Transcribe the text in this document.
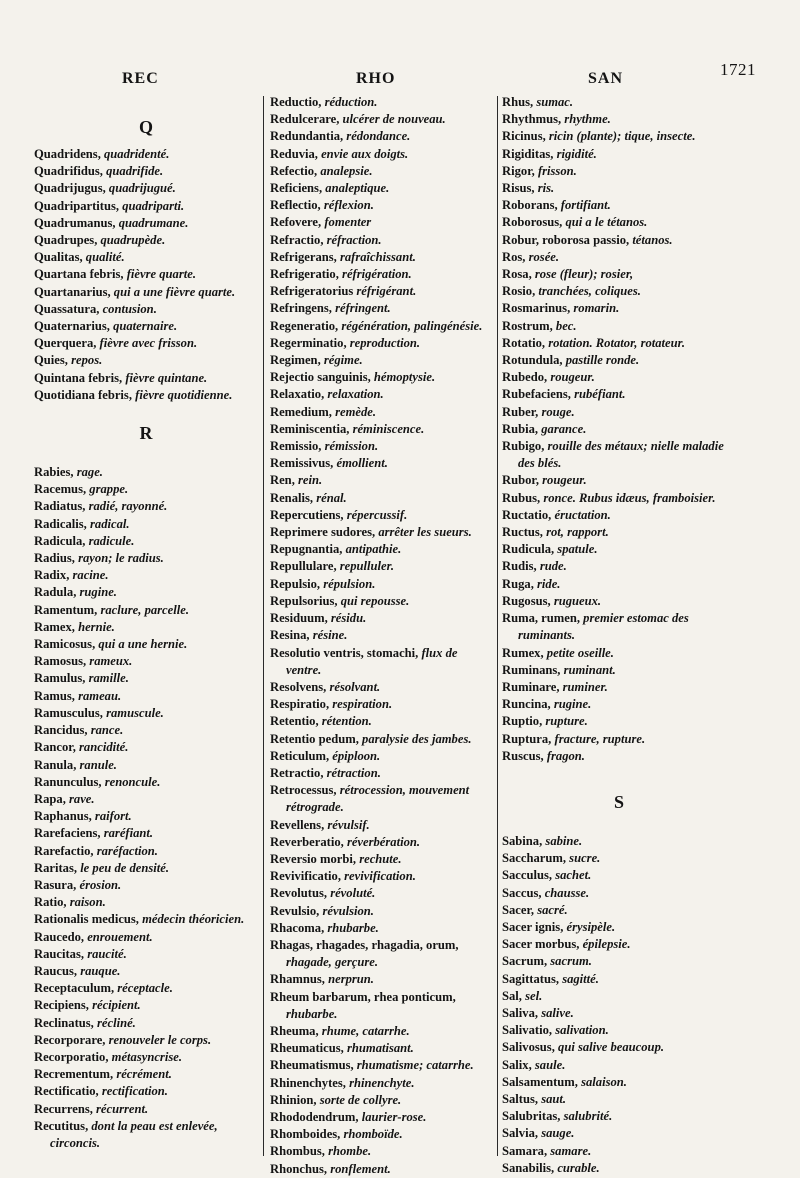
1721
REC	RHO	SAN
Q
Quadridens, quadridenté.
Quadrifidus, quadrifide.
Quadrijugus, quadrijugué.
Quadripartitus, quadriparti.
Quadrumanus, quadrumane.
Quadrupes, quadrupède.
Qualitas, qualité.
Quartana febris, fièvre quarte.
Quartanarius, qui a une fièvre quarte.
Quassatura, contusion.
Quaternarius, quaternaire.
Querquera, fièvre avec frisson.
Quies, repos.
Quintana febris, fièvre quintane.
Quotidiana febris, fièvre quotidienne.
R
Rabies, rage.
Racemus, grappe.
Radiatus, radié, rayonné.
Radicalis, radical.
Radicula, radicule.
Radius, rayon; le radius.
Radix, racine.
Radula, rugine.
Ramentum, raclure, parcelle.
Ramex, hernie.
Ramicosus, qui a une hernie.
Ramosus, rameux.
Ramulus, ramille.
Ramus, rameau.
Ramusculus, ramuscule.
Rancidus, rance.
Rancor, rancidité.
Ranula, ranule.
Ranunculus, renoncule.
Rapa, rave.
Raphanus, raifort.
Rarefaciens, raréfiant.
Rarefactio, raréfaction.
Raritas, le peu de densité.
Rasura, érosion.
Ratio, raison.
Rationalis medicus, médecin théoricien.
Raucedo, enrouement.
Raucitas, raucité.
Raucus, rauque.
Receptaculum, réceptacle.
Recipiens, récipient.
Reclinatus, récliné.
Recorporare, renouveler le corps.
Recorporatio, métasyncrise.
Recrementum, récrément.
Rectificatio, rectification.
Recurrens, récurrent.
Recutitus, dont la peau est enlevée, circoncis.
Reductio, réduction.
Redulcerare, ulcérer de nouveau.
Redundantia, rédondance.
Reduvia, envie aux doigts.
Refectio, analepsie.
Reficiens, analeptique.
Reflectio, réflexion.
Refovere, fomenter
Refractio, réfraction.
Refrigerans, rafraîchissant.
Refrigeratio, réfrigération.
Refrigeratorius réfrigérant.
Refringens, réfringent.
Regeneratio, régénération, palingénésie.
Regerminatio, reproduction.
Regimen, régime.
Rejectio sanguinis, hémoptysie.
Relaxatio, relaxation.
Remedium, remède.
Reminiscentia, réminiscence.
Remissio, rémission.
Remissivus, émollient.
Ren, rein.
Renalis, rénal.
Repercutiens, répercussif.
Reprimere sudores, arrêter les sueurs.
Repugnantia, antipathie.
Repullulare, repulluler.
Repulsio, répulsion.
Repulsorius, qui repousse.
Residuum, résidu.
Resina, résine.
Resolutio ventris, stomachi, flux de ventre.
Resolvens, résolvant.
Respiratio, respiration.
Retentio, rétention.
Retentio pedum, paralysie des jambes.
Reticulum, épiploon.
Retractio, rétraction.
Retrocessus, rétrocession, mouvement rétrograde.
Revellens, révulsif.
Reverberatio, réverbération.
Reversio morbi, rechute.
Revivificatio, revivification.
Revolutus, révoluté.
Revulsio, révulsion.
Rhacoma, rhubarbe.
Rhagas, rhagades, rhagadia, orum, rhagade, gerçure.
Rhamnus, nerprun.
Rheum barbarum, rhea ponticum, rhubarbe.
Rheuma, rhume, catarrhe.
Rheumaticus, rhumatisant.
Rheumatismus, rhumatisme; catarrhe.
Rhinenchytes, rhinenchyte.
Rhinion, sorte de collyre.
Rhododendrum, laurier-rose.
Rhomboides, rhomboïde.
Rhombus, rhombe.
Rhonchus, ronflement.
Rhus, sumac.
Rhythmus, rhythme.
Ricinus, ricin (plante); tique, insecte.
Rigiditas, rigidité.
Rigor, frisson.
Risus, ris.
Roborans, fortifiant.
Roborosus, qui a le tétanos.
Robur, roborosa passio, tétanos.
Ros, rosée.
Rosa, rose (fleur); rosier,
Rosio, tranchées, coliques.
Rosmarinus, romarin.
Rostrum, bec.
Rotatio, rotation. Rotator, rotateur.
Rotundula, pastille ronde.
Rubedo, rougeur.
Rubefaciens, rubéfiant.
Ruber, rouge.
Rubia, garance.
Rubigo, rouille des métaux; nielle maladie des blés.
Rubor, rougeur.
Rubus, ronce. Rubus idæus, framboisier.
Ructatio, éructation.
Ructus, rot, rapport.
Rudicula, spatule.
Rudis, rude.
Ruga, ride.
Rugosus, rugueux.
Ruma, rumen, premier estomac des ruminants.
Rumex, petite oseille.
Ruminans, ruminant.
Ruminare, ruminer.
Runcina, rugine.
Ruptio, rupture.
Ruptura, fracture, rupture.
Ruscus, fragon.
S
Sabina, sabine.
Saccharum, sucre.
Sacculus, sachet.
Saccus, chausse.
Sacer, sacré.
Sacer ignis, érysipèle.
Sacer morbus, épilepsie.
Sacrum, sacrum.
Sagittatus, sagitté.
Sal, sel.
Saliva, salive.
Salivatio, salivation.
Salivosus, qui salive beaucoup.
Salix, saule.
Salsamentum, salaison.
Saltus, saut.
Salubritas, salubrité.
Salvia, sauge.
Samara, samare.
Sanabilis, curable.
